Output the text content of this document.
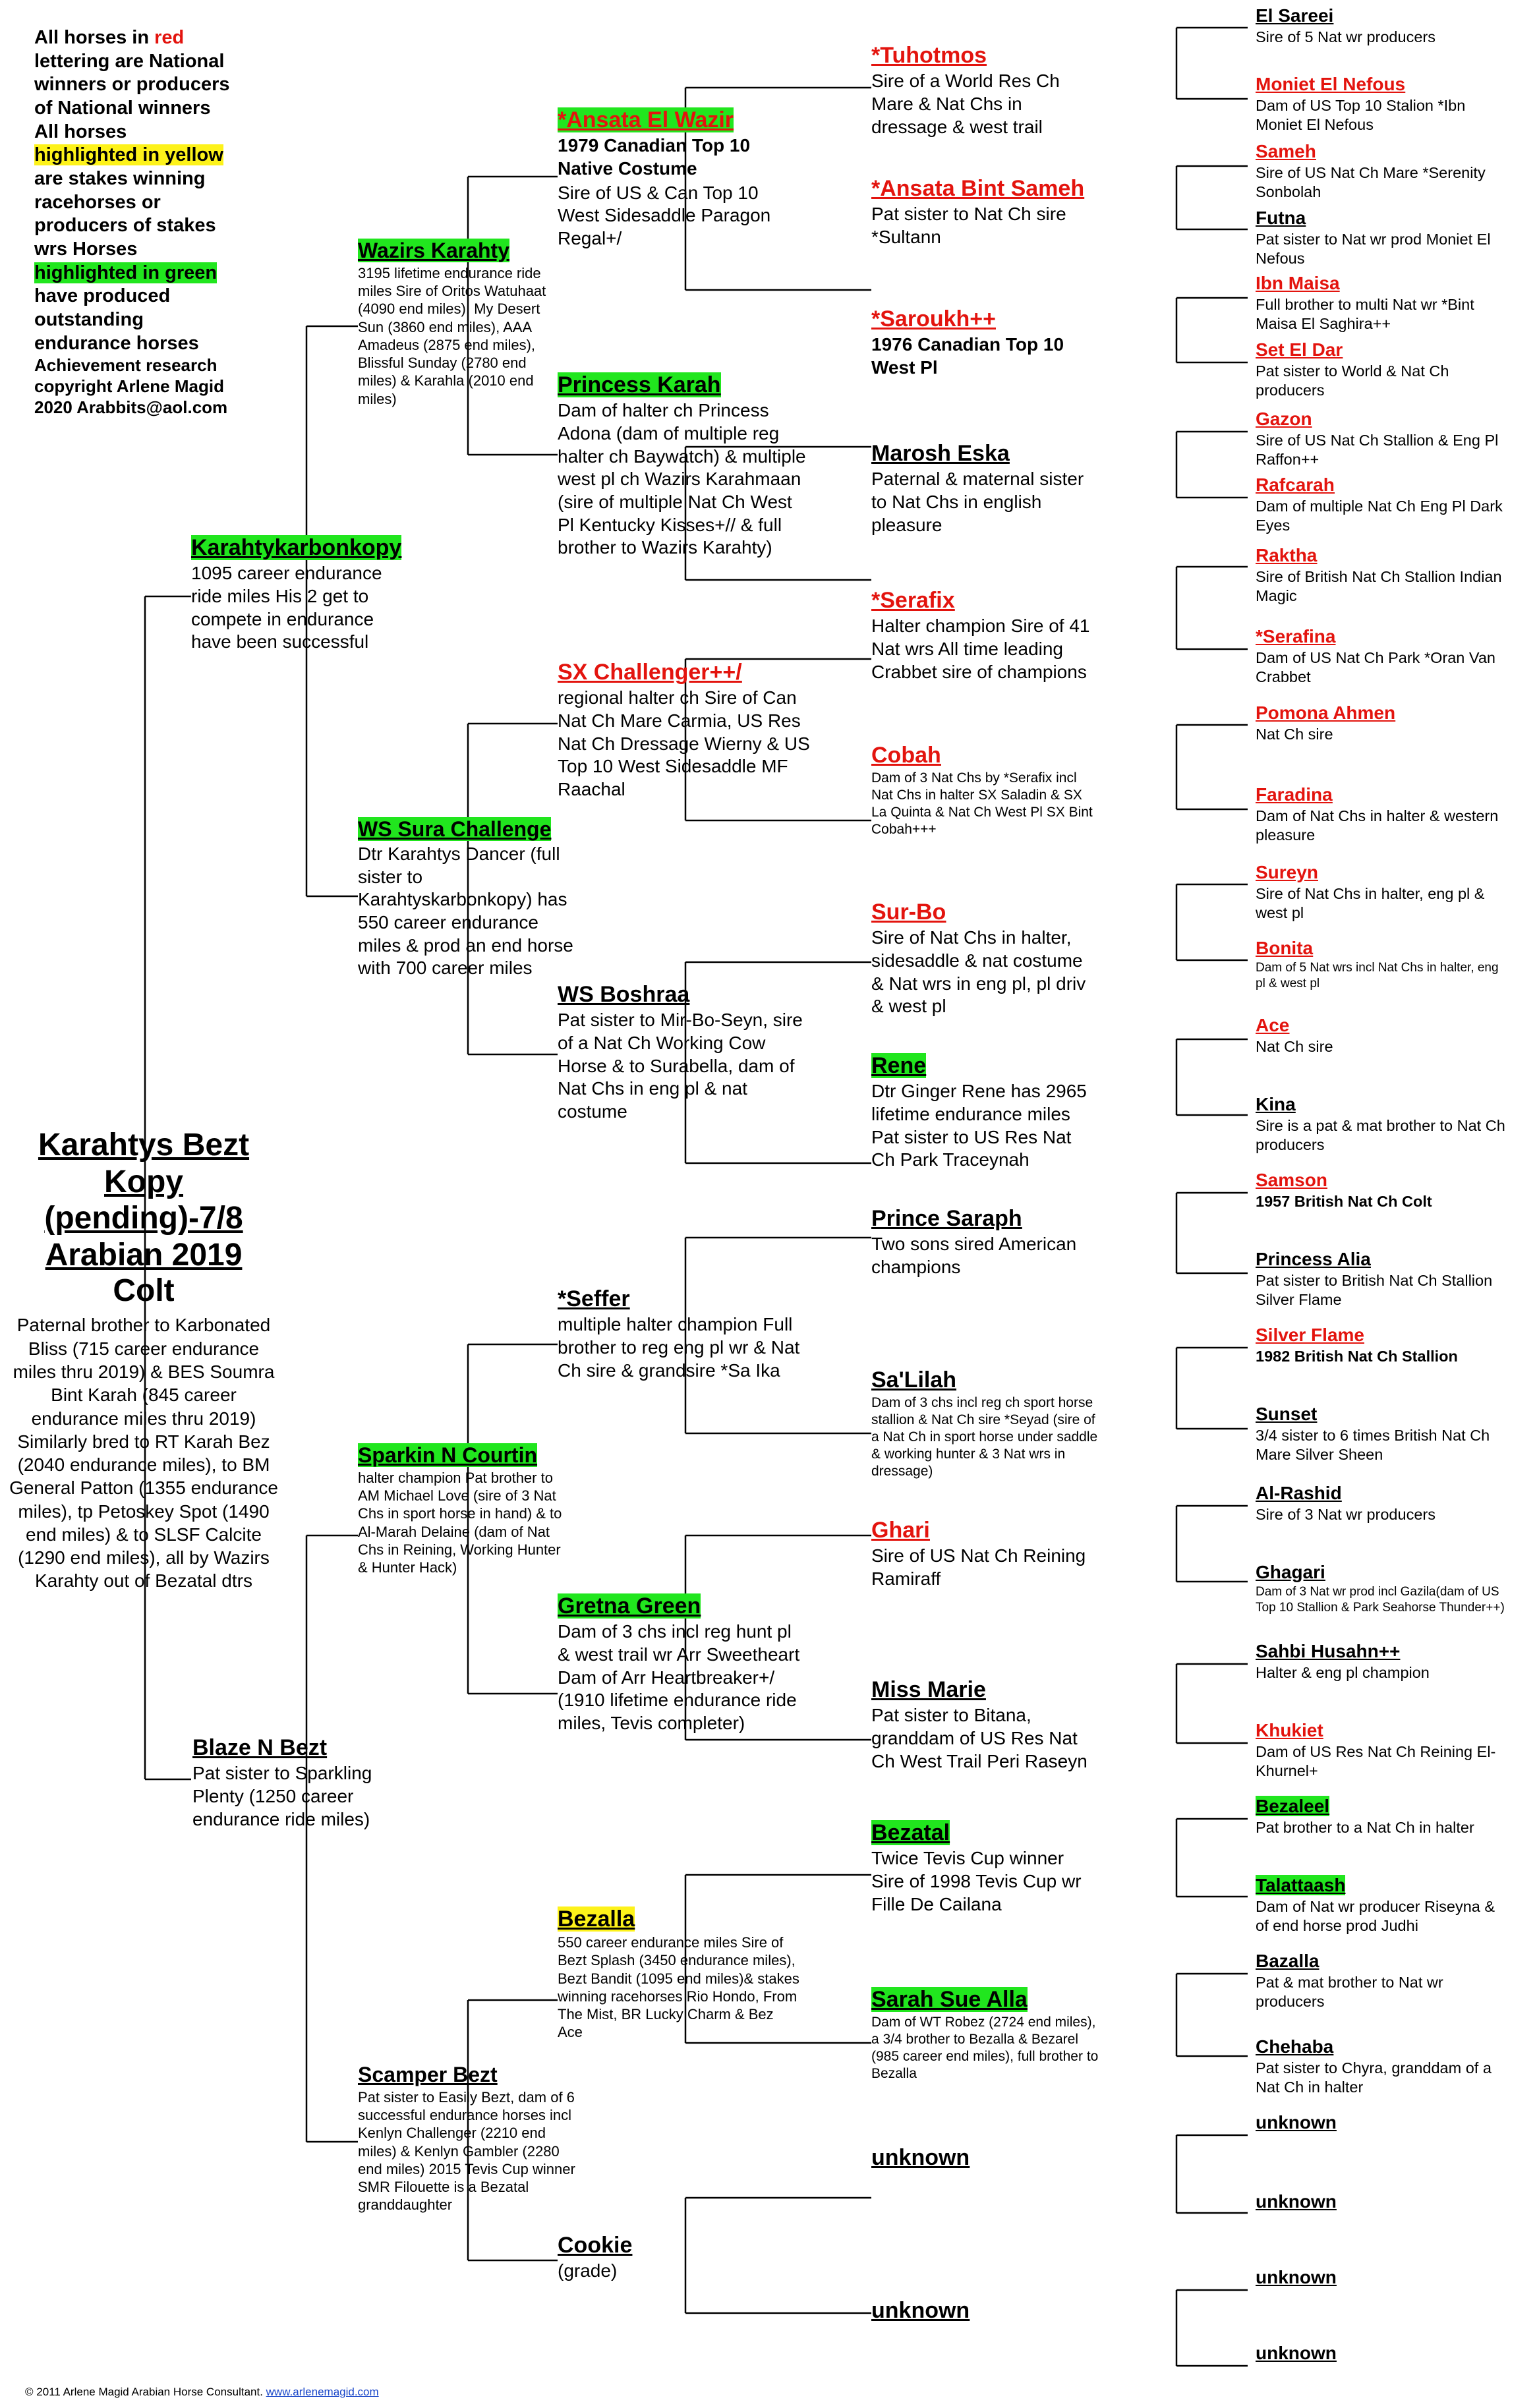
All horses in red lettering are National winners or producers of National winners All horses highlighted in yellow are stakes winning racehorses or producers of stakes wrs Horses highlighted in green have produced outstanding endurance horses
Achievement research copyright Arlene Magid 2020 Arabbits@aol.com
Karahtys Bezt Kopy (pending)-7/8 Arabian 2019
Colt
Paternal brother to Karbonated Bliss (715 career endurance miles thru 2019) & BES Soumra Bint Karah (845 career endurance miles thru 2019) Similarly bred to RT Karah Bez (2040 endurance miles), to BM General Patton (1355 endurance miles), tp Petoskey Spot (1490 end miles) & to SLSF Calcite (1290 end miles), all by Wazirs Karahty out of Bezatal dtrs
Karahtykarbonkopy
1095 career endurance ride miles His 2 get to compete in endurance have been successful
Blaze N Bezt
Pat sister to Sparkling Plenty (1250 career endurance ride miles)
Wazirs Karahty
3195 lifetime endurance ride miles Sire of Oritos Watuhaat (4090 end miles), My Desert Sun (3860 end miles), AAA Amadeus (2875 end miles), Blissful Sunday (2780 end miles) & Karahla (2010 end miles)
WS Sura Challenge
Dtr Karahtys Dancer (full sister to Karahtyskarbonkopy) has 550 career endurance miles & prod an end horse with 700 career miles
Sparkin N Courtin
halter champion Pat brother to AM Michael Love (sire of 3 Nat Chs in sport horse in hand) & to Al-Marah Delaine (dam of Nat Chs in Reining, Working Hunter & Hunter Hack)
Scamper Bezt
Pat sister to Easily Bezt, dam of 6 successful endurance horses incl Kenlyn Challenger (2210 end miles) & Kenlyn Gambler (2280 end miles) 2015 Tevis Cup winner SMR Filouette is a Bezatal granddaughter
*Ansata El Wazir
1979 Canadian Top 10 Native Costume
Sire of US & Can Top 10 West Sidesaddle Paragon Regal+/
Princess Karah
Dam of halter ch Princess Adona (dam of multiple reg halter ch Baywatch) & multiple west pl ch Wazirs Karahmaan (sire of multiple Nat Ch West Pl Kentucky Kisses+// & full brother to Wazirs Karahty)
SX Challenger++/
regional halter ch Sire of Can Nat Ch Mare Carmia, US Res Nat Ch Dressage Wierny & US Top 10 West Sidesaddle MF Raachal
WS Boshraa
Pat sister to Mir-Bo-Seyn, sire of a Nat Ch Working Cow Horse & to Surabella, dam of Nat Chs in eng pl & nat costume
*Seffer
multiple halter champion Full brother to reg eng pl wr & Nat Ch sire & grandsire *Sa Ika
Gretna Green
Dam of 3 chs incl reg hunt pl & west trail wr Arr Sweetheart Dam of Arr Heartbreaker+/ (1910 lifetime endurance ride miles, Tevis completer)
Bezalla
550 career endurance miles Sire of Bezt Splash (3450 endurance miles), Bezt Bandit (1095 end miles)& stakes winning racehorses Rio Hondo, From The Mist, BR Lucky Charm & Bez Ace
Cookie
(grade)
*Tuhotmos
Sire of a World Res Ch Mare & Nat Chs in dressage & west trail
*Ansata Bint Sameh
Pat sister to Nat Ch sire *Sultann
*Saroukh++
1976 Canadian Top 10 West Pl
Marosh Eska
Paternal & maternal sister to Nat Chs in english pleasure
*Serafix
Halter champion Sire of 41 Nat wrs All time leading Crabbet sire of champions
Cobah
Dam of 3 Nat Chs by *Serafix incl Nat Chs in halter SX Saladin & SX La Quinta & Nat Ch West Pl SX Bint Cobah+++
Sur-Bo
Sire of Nat Chs in halter, sidesaddle & nat costume & Nat wrs in eng pl, pl driv & west pl
Rene
Dtr Ginger Rene has 2965 lifetime endurance miles Pat sister to US Res Nat Ch Park Traceynah
Prince Saraph
Two sons sired American champions
Sa'Lilah
Dam of 3 chs incl reg ch sport horse stallion & Nat Ch sire *Seyad (sire of a Nat Ch in sport horse under saddle & working hunter & 3 Nat wrs in dressage)
Ghari
Sire of US Nat Ch Reining Ramiraff
Miss Marie
Pat sister to Bitana, granddam of US Res Nat Ch West Trail Peri Raseyn
Bezatal
Twice Tevis Cup winner Sire of 1998 Tevis Cup wr Fille De Cailana
Sarah Sue Alla
Dam of WT Robez (2724 end miles), a 3/4 brother to Bezalla & Bezarel (985 career end miles), full brother to Bezalla
unknown
unknown
El Sareei
Sire of 5 Nat wr producers
Moniet El Nefous
Dam of US Top 10 Stalion *Ibn Moniet El Nefous
Sameh
Sire of US Nat Ch Mare *Serenity Sonbolah
Futna
Pat sister to Nat wr prod Moniet El Nefous
Ibn Maisa
Full brother to multi Nat wr *Bint Maisa El Saghira++
Set El Dar
Pat sister to World & Nat Ch producers
Gazon
Sire of US Nat Ch Stallion & Eng Pl Raffon++
Rafcarah
Dam of multiple Nat Ch Eng Pl Dark Eyes
Raktha
Sire of British Nat Ch Stallion Indian Magic
*Serafina
Dam of US Nat Ch Park *Oran Van Crabbet
Pomona Ahmen
Nat Ch sire
Faradina
Dam of Nat Chs in halter & western pleasure
Sureyn
Sire of Nat Chs in halter, eng pl & west pl
Bonita
Dam of 5 Nat wrs incl Nat Chs in halter, eng pl & west pl
Ace
Nat Ch sire
Kina
Sire is a pat & mat brother to Nat Ch producers
Samson
1957 British Nat Ch Colt
Princess Alia
Pat sister to British Nat Ch Stallion Silver Flame
Silver Flame
1982 British Nat Ch Stallion
Sunset
3/4 sister to 6 times British Nat Ch Mare Silver Sheen
Al-Rashid
Sire of 3 Nat wr producers
Ghagari
Dam of 3 Nat wr prod incl Gazila(dam of US Top 10 Stallion & Park Seahorse Thunder++)
Sahbi Husahn++
Halter & eng pl champion
Khukiet
Dam of US Res Nat Ch Reining El-Khurnel+
Bezaleel
Pat brother to a Nat Ch in halter
Talattaash
Dam of Nat wr producer Riseyna & of end horse prod Judhi
Bazalla
Pat & mat brother to Nat wr producers
Chehaba
Pat sister to Chyra, granddam of a Nat Ch in halter
unknown
unknown
unknown
unknown
© 2011 Arlene Magid Arabian Horse Consultant. www.arlenemagid.com
